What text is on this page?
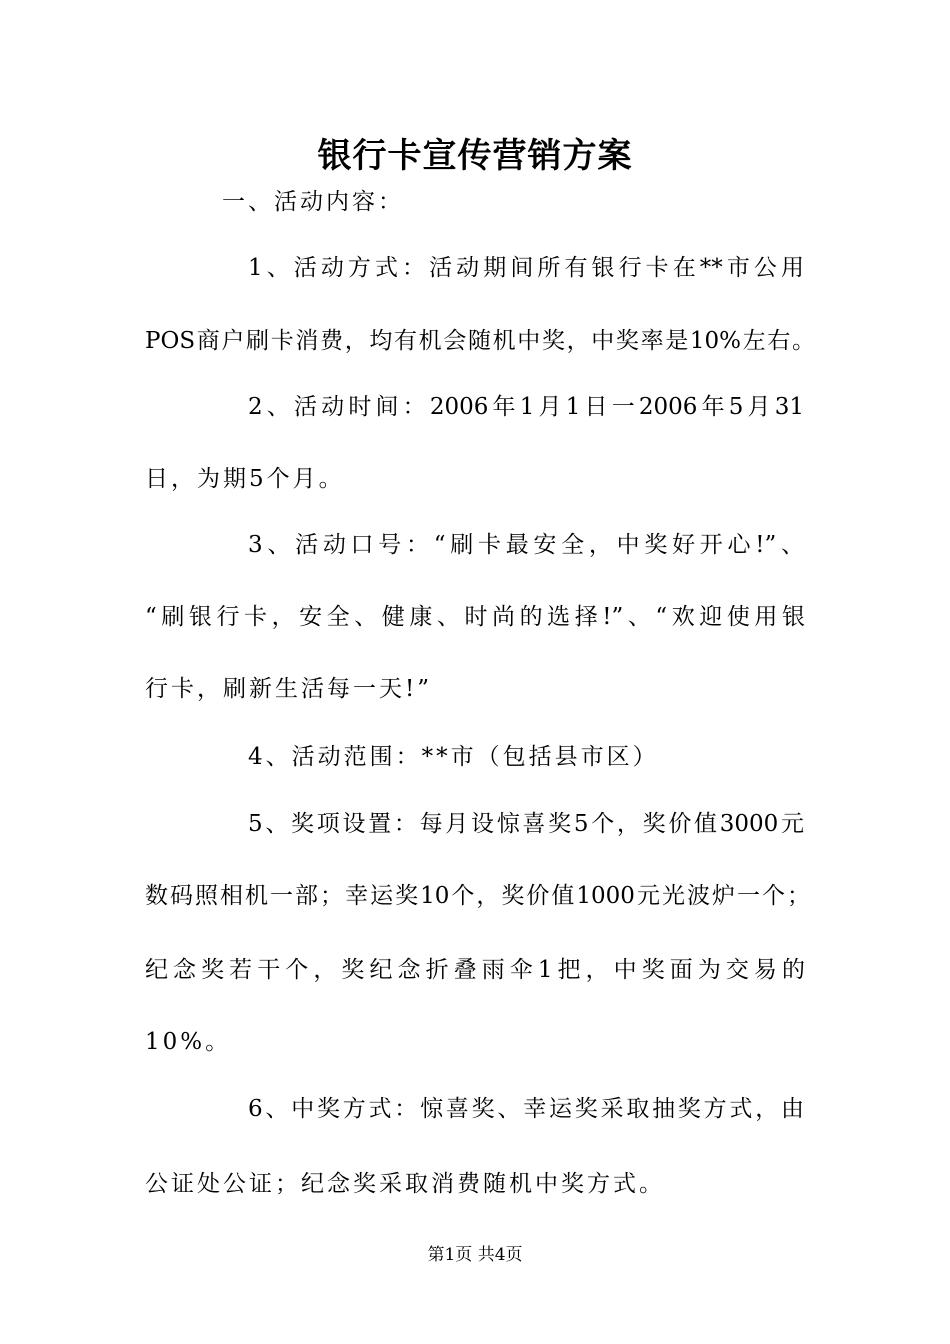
银行卡宣传营销方案

一、活动内容：

1、活动方式：活动期间所有银行卡在**市公用

POS商户刷卡消费，均有机会随机中奖，中奖率是10%左右。

2、活动时间：2006年1月1日一2006年5月31

日，为期5个月。

3、活动口号：“刷卡最安全，中奖好开心!”、

“刷银行卡，安全、健康、时尚的选择!”、“欢迎使用银

行卡，刷新生活每一天!”

4、活动范围：**市（包括县市区）

5、奖项设置：每月设惊喜奖5个，奖价值3000元

数码照相机一部；幸运奖10个，奖价值1000元光波炉一个；

纪念奖若干个，奖纪念折叠雨伞1把，中奖面为交易的

10%。

6、中奖方式：惊喜奖、幸运奖采取抽奖方式，由

公证处公证；纪念奖采取消费随机中奖方式。

第1页 共4页
